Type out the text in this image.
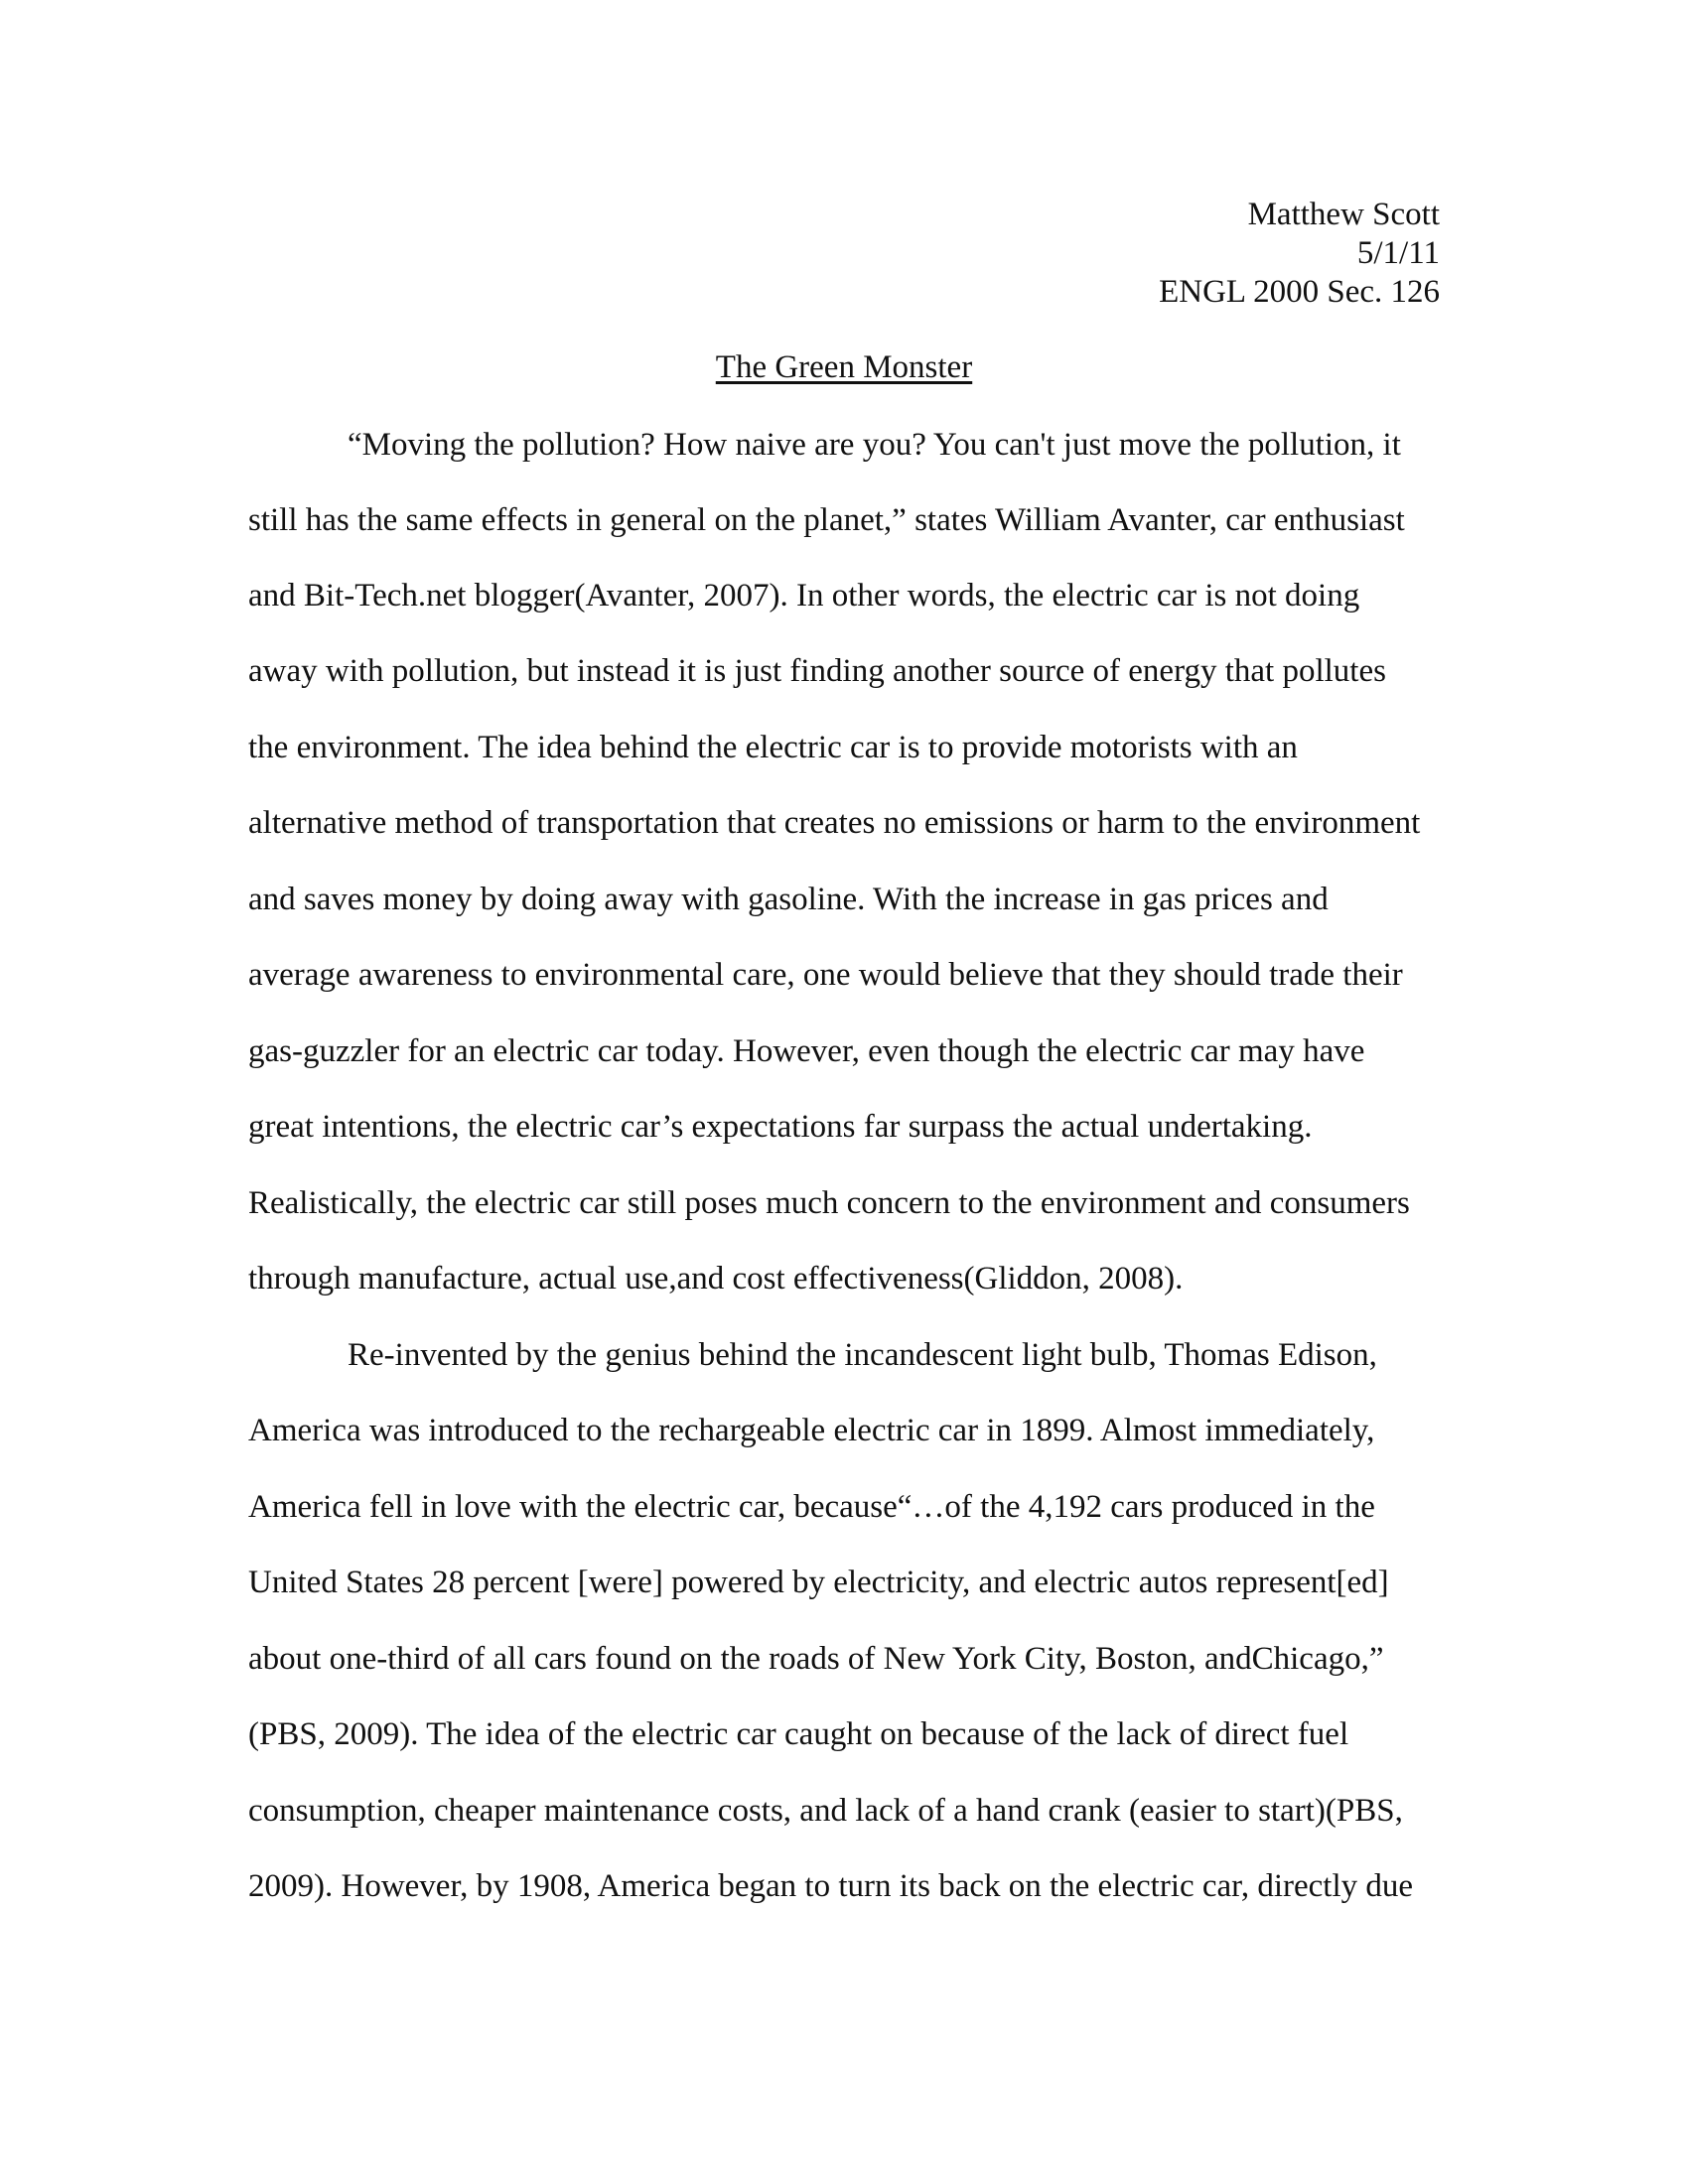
Matthew Scott
5/1/11
ENGL 2000 Sec. 126
The Green Monster
“Moving the pollution? How naive are you? You can't just move the pollution, it
still has the same effects in general on the planet,” states William Avanter, car enthusiast
and Bit-Tech.net blogger(Avanter, 2007). In other words, the electric car is not doing
away with pollution, but instead it is just finding another source of energy that pollutes
the environment. The idea behind the electric car is to provide motorists with an
alternative method of transportation that creates no emissions or harm to the environment
and saves money by doing away with gasoline. With the increase in gas prices and
average awareness to environmental care, one would believe that they should trade their
gas-guzzler for an electric car today. However, even though the electric car may have
great intentions, the electric car’s expectations far surpass the actual undertaking.
Realistically, the electric car still poses much concern to the environment and consumers
through manufacture, actual use,and cost effectiveness(Gliddon, 2008).
Re-invented by the genius behind the incandescent light bulb, Thomas Edison,
America was introduced to the rechargeable electric car in 1899. Almost immediately,
America fell in love with the electric car, because“…of the 4,192 cars produced in the
United States 28 percent [were] powered by electricity, and electric autos represent[ed]
about one-third of all cars found on the roads of New York City, Boston, andChicago,”
(PBS, 2009). The idea of the electric car caught on because of the lack of direct fuel
consumption, cheaper maintenance costs, and lack of a hand crank (easier to start)(PBS,
2009). However, by 1908, America began to turn its back on the electric car, directly due
